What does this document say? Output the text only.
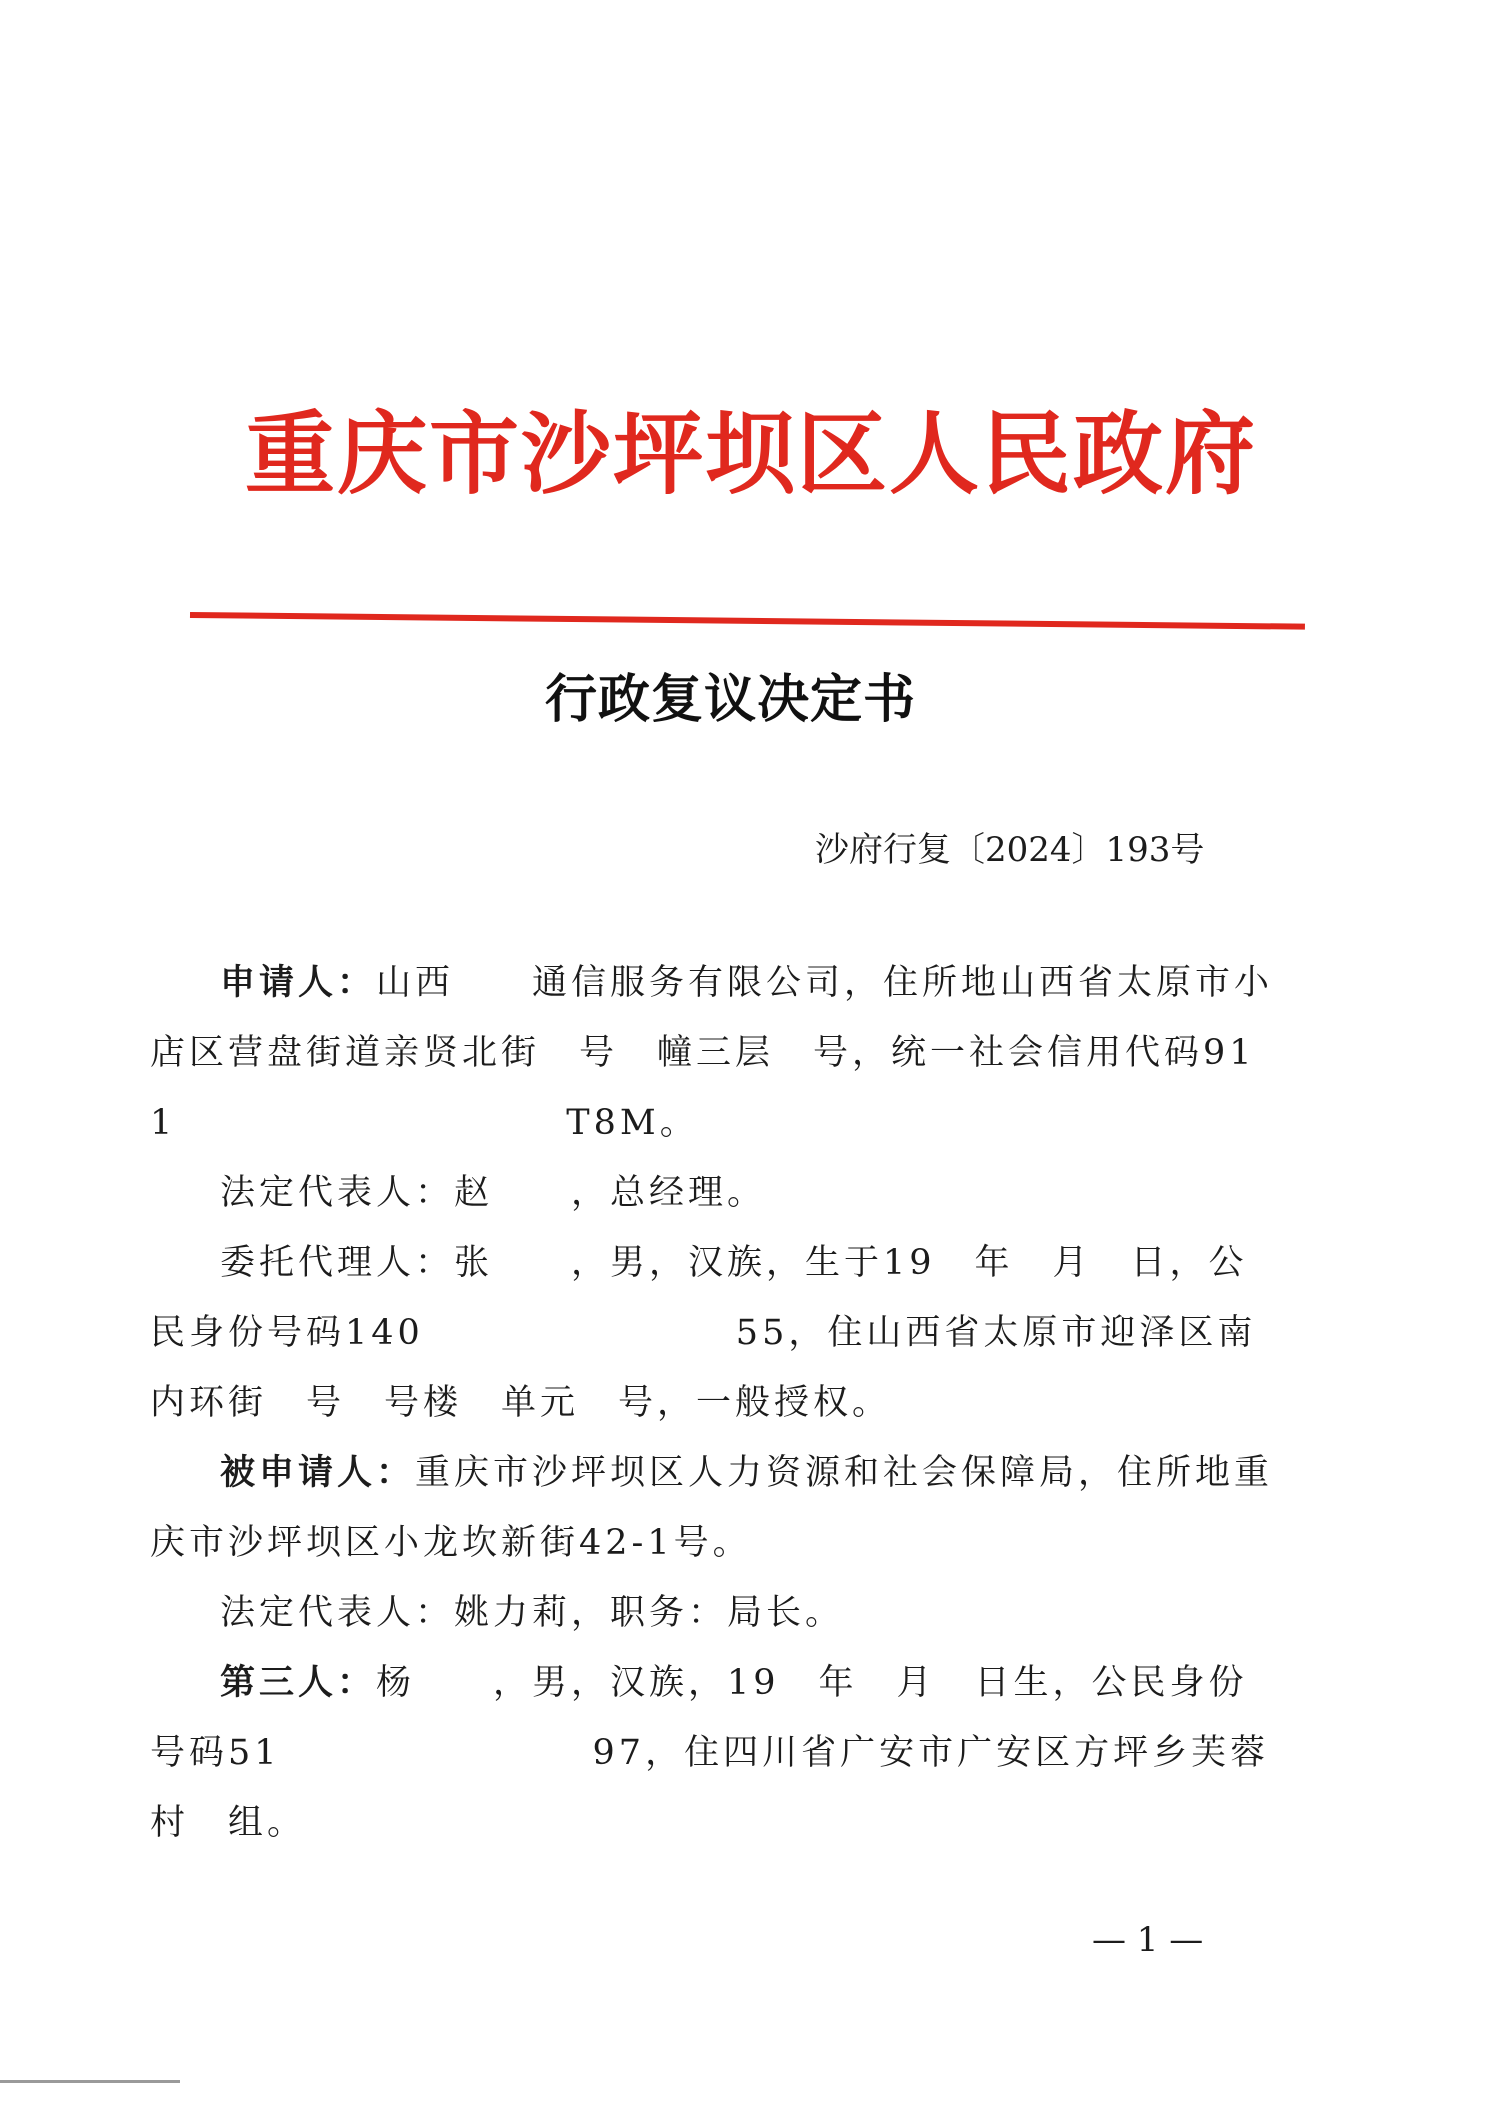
重庆市沙坪坝区人民政府
行政复议决定书
沙府行复〔2024〕193号

申请人：山西　　通信服务有限公司，住所地山西省太原市小店区营盘街道亲贤北街　号　幢三层　号，统一社会信用代码911　　　　　　　　　　T8M。

法定代表人：赵　　，总经理。

委托代理人：张　　，男，汉族，生于19　年　月　日，公民身份号码140　　　　　　　　55，住山西省太原市迎泽区南内环街　号　号楼　单元　号，一般授权。

被申请人：重庆市沙坪坝区人力资源和社会保障局，住所地重庆市沙坪坝区小龙坎新街42-1号。

法定代表人：姚力莉，职务：局长。

第三人：杨　　，男，汉族，19　年　月　日生，公民身份号码51　　　　　　　　97，住四川省广安市广安区方坪乡芙蓉村　组。

— 1 —
